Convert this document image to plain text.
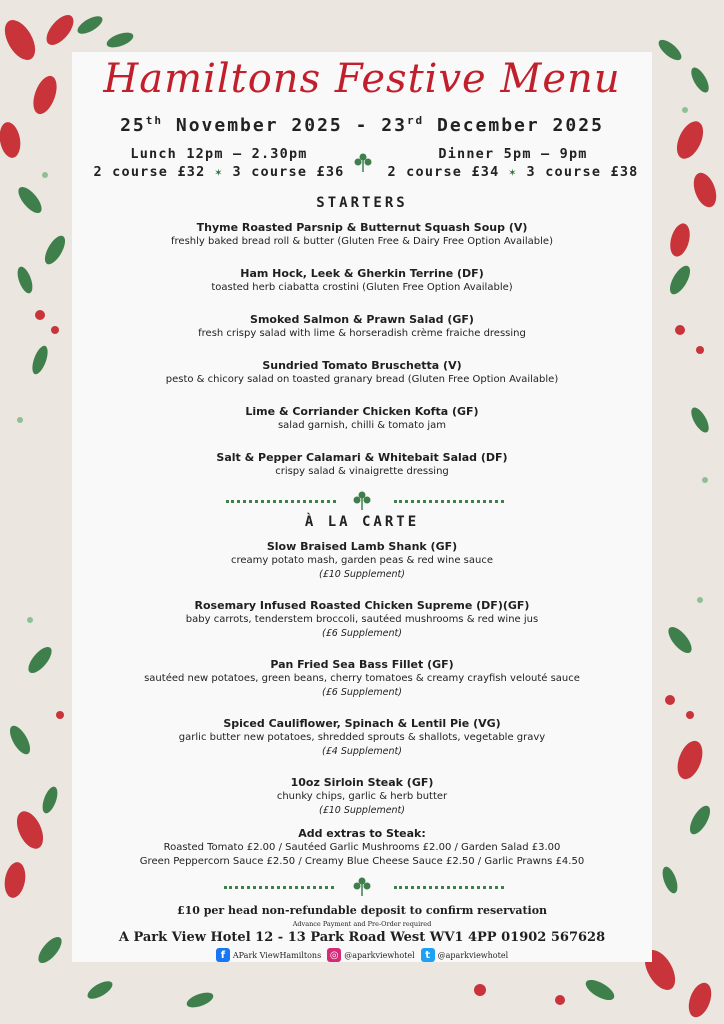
Hamiltons Festive Menu
25th November 2025 - 23rd December 2025
Lunch 12pm – 2.30pm
2 course £32 ✶ 3 course £36
Dinner 5pm – 9pm
2 course £34 ✶ 3 course £38
STARTERS
Thyme Roasted Parsnip & Butternut Squash Soup (V)
freshly baked bread roll & butter (Gluten Free & Dairy Free Option Available)
Ham Hock, Leek & Gherkin Terrine (DF)
toasted herb ciabatta crostini (Gluten Free Option Available)
Smoked Salmon & Prawn Salad (GF)
fresh crispy salad with lime & horseradish crème fraiche dressing
Sundried Tomato Bruschetta (V)
pesto & chicory salad on toasted granary bread (Gluten Free Option Available)
Lime & Corriander Chicken Kofta (GF)
salad garnish, chilli & tomato jam
Salt & Pepper Calamari & Whitebait Salad (DF)
crispy salad & vinaigrette dressing
À LA CARTE
Slow Braised Lamb Shank (GF)
creamy potato mash, garden peas & red wine sauce
(£10 Supplement)
Rosemary Infused Roasted Chicken Supreme (DF)(GF)
baby carrots, tenderstem broccoli, sautéed mushrooms & red wine jus
(£6 Supplement)
Pan Fried Sea Bass Fillet (GF)
sautéed new potatoes, green beans, cherry tomatoes & creamy crayfish velouté sauce
(£6 Supplement)
Spiced Cauliflower, Spinach & Lentil Pie (VG)
garlic butter new potatoes, shredded sprouts & shallots, vegetable gravy
(£4 Supplement)
10oz Sirloin Steak (GF)
chunky chips, garlic & herb butter
(£10 Supplement)
Add extras to Steak:
Roasted Tomato £2.00 / Sautéed Garlic Mushrooms £2.00 / Garden Salad £3.00
Green Peppercorn Sauce £2.50 / Creamy Blue Cheese Sauce £2.50 / Garlic Prawns £4.50
£10 per head non-refundable deposit to confirm reservation
Advance Payment and Pre-Order required
A Park View Hotel 12 - 13 Park Road West WV1 4PP 01902 567628
f APark ViewHamiltons ◎ @aparkviewhotel	t @aparkviewhotel
